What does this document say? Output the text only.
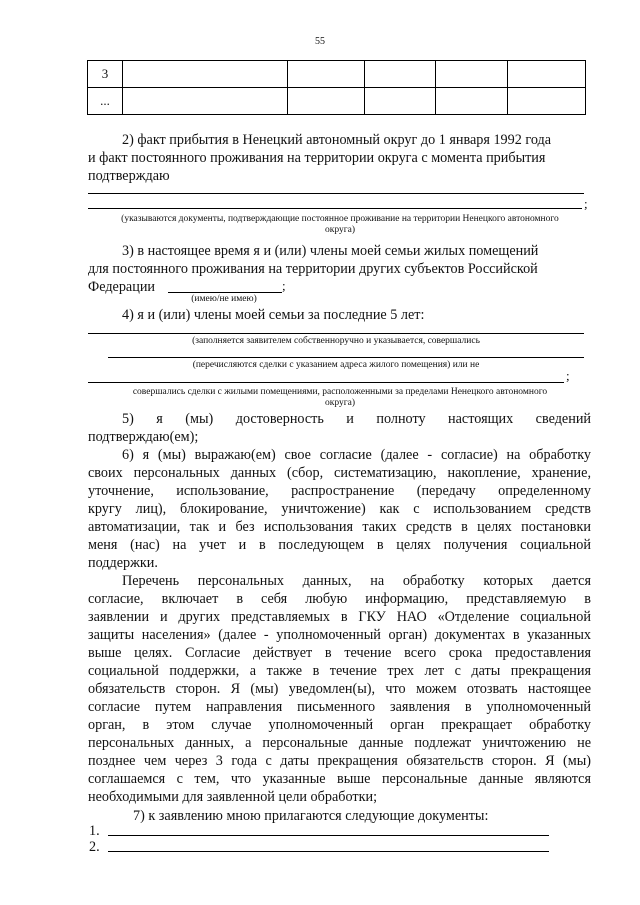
55
3					
...					
2) факт прибытия в Ненецкий автономный округ до 1 января 1992 года
и факт постоянного проживания на территории округа с момента прибытия
подтверждаю
;
(указываются документы, подтверждающие постоянное проживание на территории Ненецкого автономного
округа)
3) в настоящее время я и (или) члены моей семьи жилых помещений
для постоянного проживания на территории других субъектов Российской
Федерации	;
(имею/не имею)
4) я и (или) члены моей семьи за последние 5 лет:
(заполняется заявителем собственноручно и указывается, совершались
(перечисляются сделки с указанием адреса жилого помещения) или не
;
совершались сделки с жилыми помещениями, расположенными за пределами Ненецкого автономного
округа)
5) я (мы) достоверность и полноту настоящих сведений
подтверждаю(ем);
6) я (мы) выражаю(ем) свое согласие (далее - согласие) на обработку
своих персональных данных (сбор, систематизацию, накопление, хранение,
уточнение, использование, распространение (передачу определенному
кругу лиц), блокирование, уничтожение) как с использованием средств
автоматизации, так и без использования таких средств в целях постановки
меня (нас) на учет и в последующем в целях получения социальной
поддержки.
Перечень персональных данных, на обработку которых дается
согласие, включает в себя любую информацию, представляемую в
заявлении и других представляемых в ГКУ НАО «Отделение социальной
защиты населения» (далее - уполномоченный орган) документах в указанных
выше целях. Согласие действует в течение всего срока предоставления
социальной поддержки, а также в течение трех лет с даты прекращения
обязательств сторон. Я (мы) уведомлен(ы), что можем отозвать настоящее
согласие путем направления письменного заявления в уполномоченный
орган, в этом случае уполномоченный орган прекращает обработку
персональных данных, а персональные данные подлежат уничтожению не
позднее чем через 3 года с даты прекращения обязательств сторон. Я (мы)
соглашаемся с тем, что указанные выше персональные данные являются
необходимыми для заявленной цели обработки;
7) к заявлению мною прилагаются следующие документы:
1.
2.
